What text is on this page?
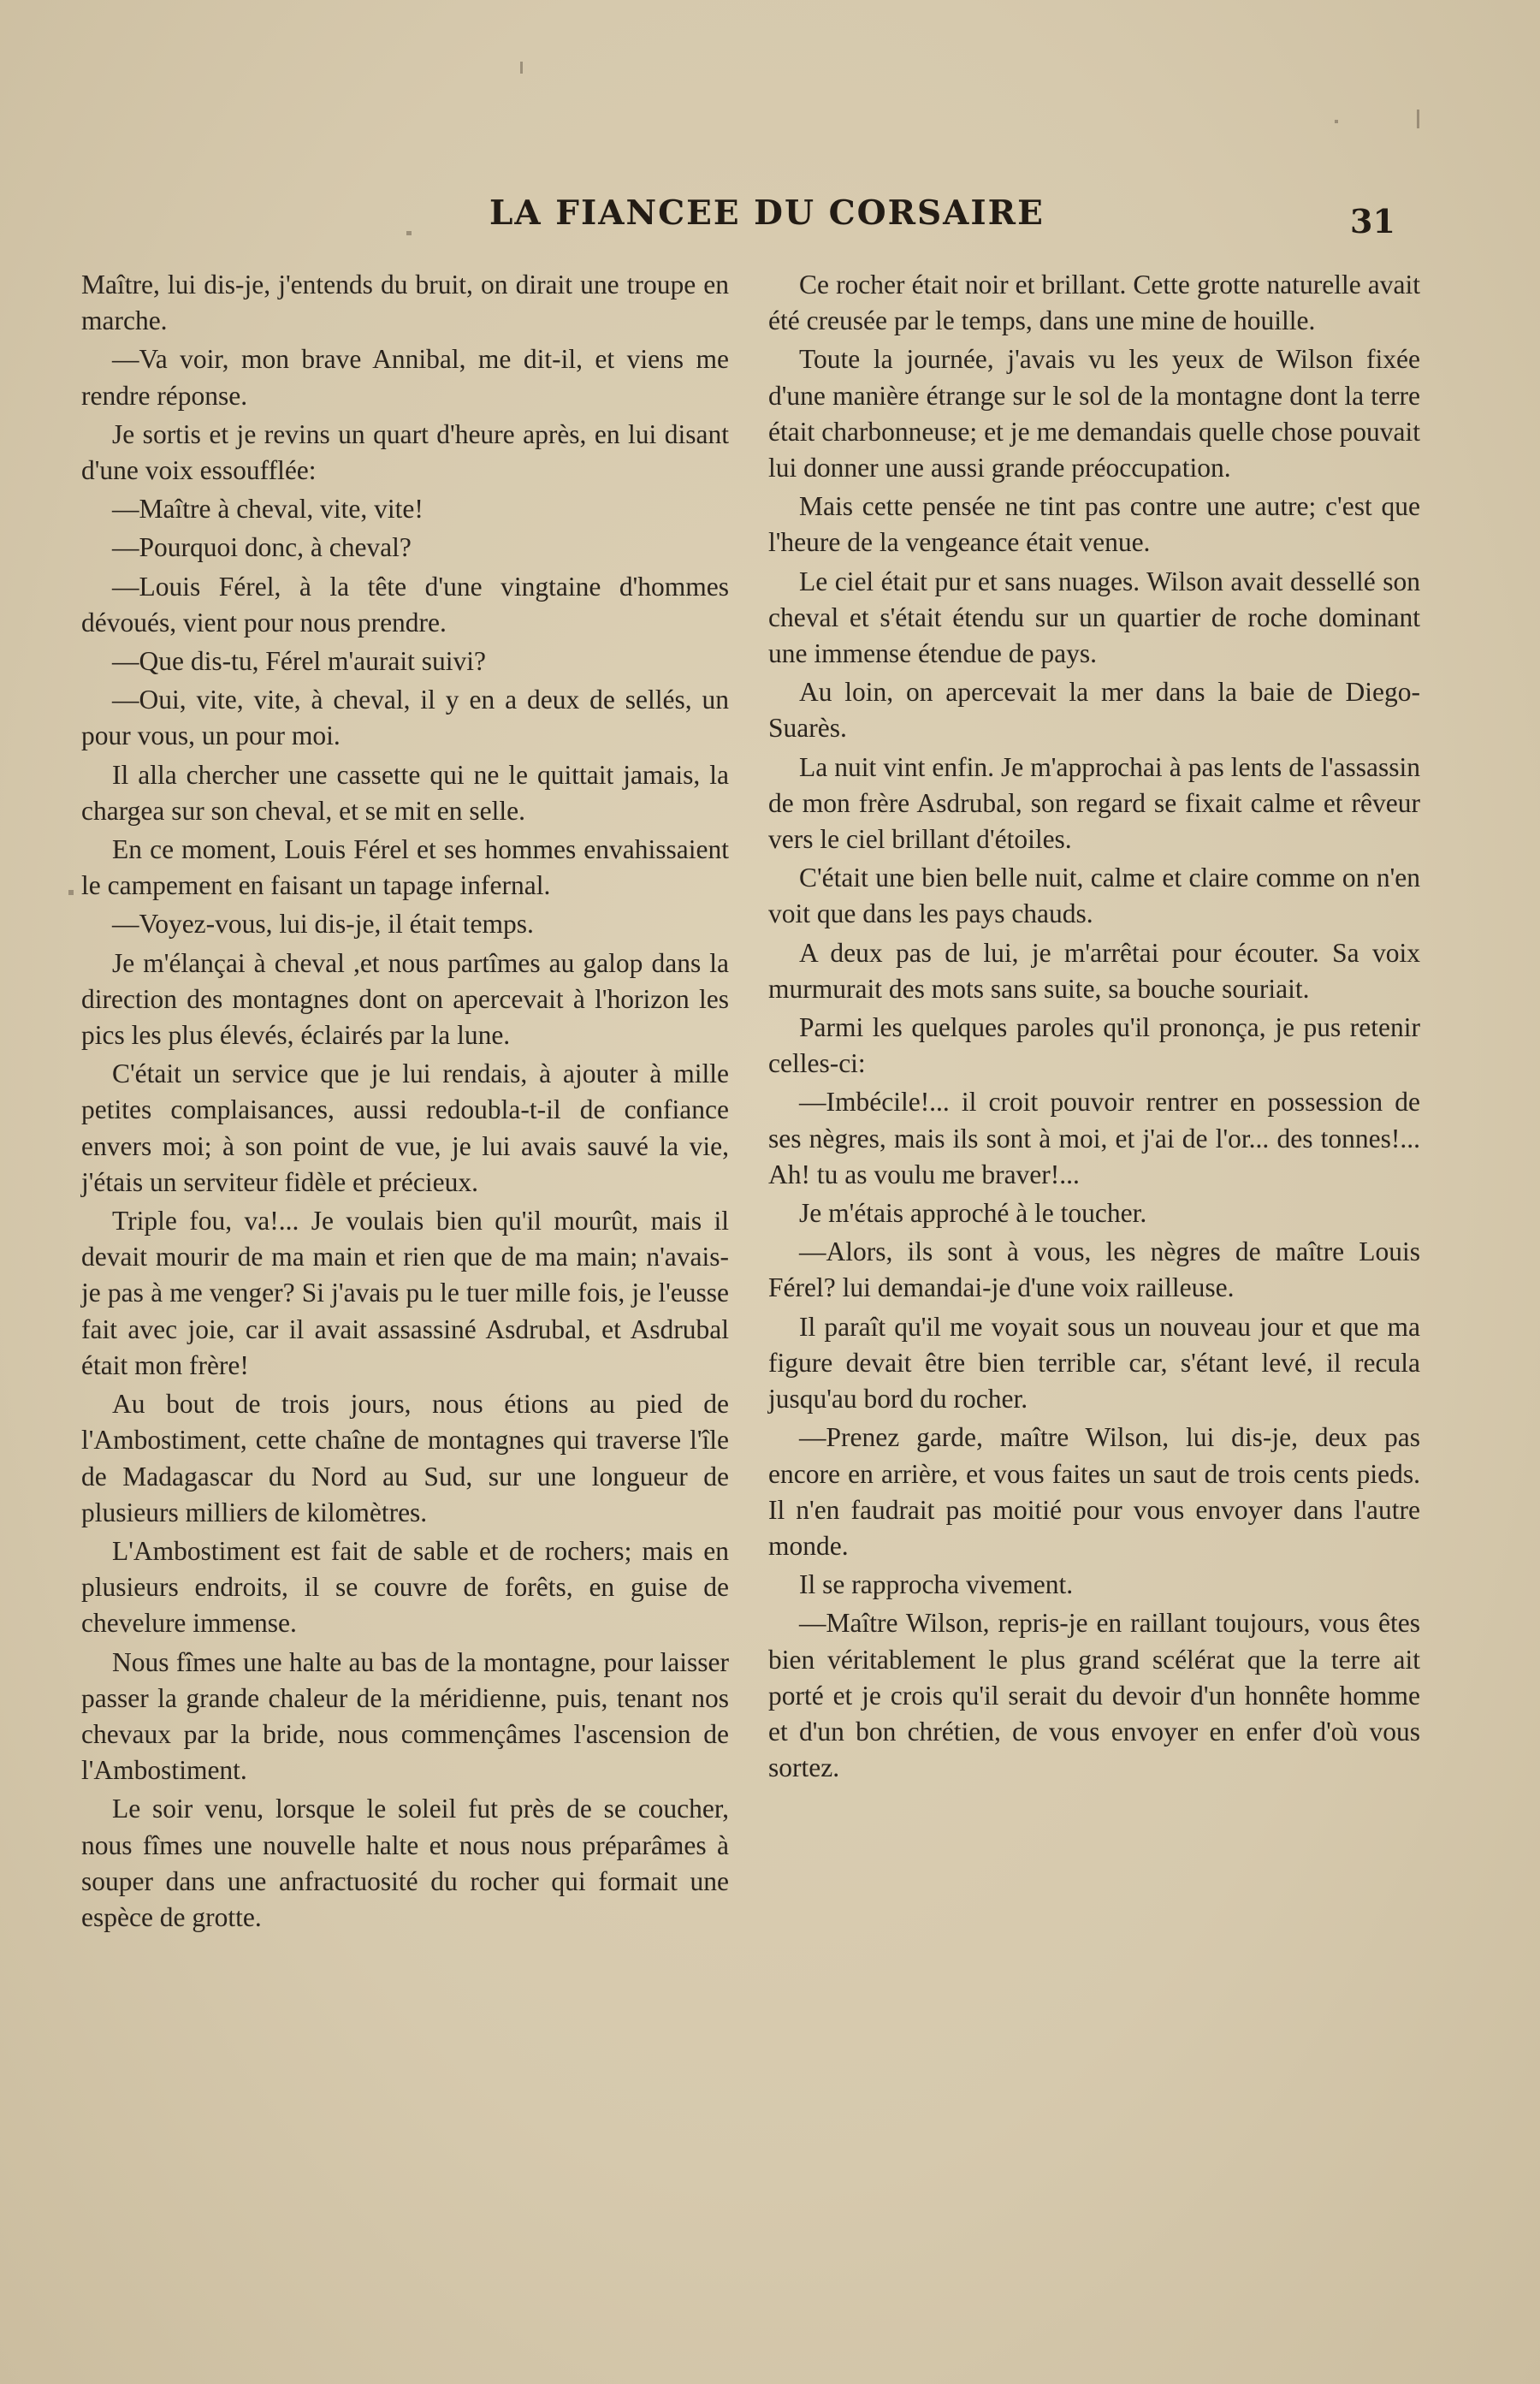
LA FIANCEE DU CORSAIRE	31

Maître, lui dis-je, j'entends du bruit, on dirait une troupe en marche.

—Va voir, mon brave Annibal, me dit-il, et viens me rendre réponse.

Je sortis et je revins un quart d'heure après, en lui disant d'une voix essoufflée:

—Maître à cheval, vite, vite!

—Pourquoi donc, à cheval?

—Louis Férel, à la tête d'une vingtaine d'hommes dévoués, vient pour nous prendre.

—Que dis-tu, Férel m'aurait suivi?

—Oui, vite, vite, à cheval, il y en a deux de sellés, un pour vous, un pour moi.

Il alla chercher une cassette qui ne le quittait jamais, la chargea sur son cheval, et se mit en selle.

En ce moment, Louis Férel et ses hommes envahissaient le campement en faisant un tapage infernal.

—Voyez-vous, lui dis-je, il était temps.

Je m'élançai à cheval ,et nous partîmes au galop dans la direction des montagnes dont on apercevait à l'horizon les pics les plus élevés, éclairés par la lune.

C'était un service que je lui rendais, à ajouter à mille petites complaisances, aussi redoubla-t-il de confiance envers moi; à son point de vue, je lui avais sauvé la vie, j'étais un serviteur fidèle et précieux.

Triple fou, va!... Je voulais bien qu'il mourût, mais il devait mourir de ma main et rien que de ma main; n'avais-je pas à me venger? Si j'avais pu le tuer mille fois, je l'eusse fait avec joie, car il avait assassiné Asdrubal, et Asdrubal était mon frère!

Au bout de trois jours, nous étions au pied de l'Ambostiment, cette chaîne de montagnes qui traverse l'île de Madagascar du Nord au Sud, sur une longueur de plusieurs milliers de kilomètres.

L'Ambostiment est fait de sable et de rochers; mais en plusieurs endroits, il se couvre de forêts, en guise de chevelure immense.

Nous fîmes une halte au bas de la montagne, pour laisser passer la grande chaleur de la méridienne, puis, tenant nos chevaux par la bride, nous commençâmes l'ascension de l'Ambostiment.

Le soir venu, lorsque le soleil fut près de se coucher, nous fîmes une nouvelle halte et nous nous préparâmes à souper dans une anfractuosité du rocher qui formait une espèce de grotte.

Ce rocher était noir et brillant. Cette grotte naturelle avait été creusée par le temps, dans une mine de houille.

Toute la journée, j'avais vu les yeux de Wilson fixée d'une manière étrange sur le sol de la montagne dont la terre était charbonneuse; et je me demandais quelle chose pouvait lui donner une aussi grande préoccupation.

Mais cette pensée ne tint pas contre une autre; c'est que l'heure de la vengeance était venue.

Le ciel était pur et sans nuages. Wilson avait dessellé son cheval et s'était étendu sur un quartier de roche dominant une immense étendue de pays.

Au loin, on apercevait la mer dans la baie de Diego-Suarès.

La nuit vint enfin. Je m'approchai à pas lents de l'assassin de mon frère Asdrubal, son regard se fixait calme et rêveur vers le ciel brillant d'étoiles.

C'était une bien belle nuit, calme et claire comme on n'en voit que dans les pays chauds.

A deux pas de lui, je m'arrêtai pour écouter. Sa voix murmurait des mots sans suite, sa bouche souriait.

Parmi les quelques paroles qu'il prononça, je pus retenir celles-ci:

—Imbécile!... il croit pouvoir rentrer en possession de ses nègres, mais ils sont à moi, et j'ai de l'or... des tonnes!... Ah! tu as voulu me braver!...

Je m'étais approché à le toucher.

—Alors, ils sont à vous, les nègres de maître Louis Férel? lui demandai-je d'une voix railleuse.

Il paraît qu'il me voyait sous un nouveau jour et que ma figure devait être bien terrible car, s'étant levé, il recula jusqu'au bord du rocher.

—Prenez garde, maître Wilson, lui dis-je, deux pas encore en arrière, et vous faites un saut de trois cents pieds. Il n'en faudrait pas moitié pour vous envoyer dans l'autre monde.

Il se rapprocha vivement.

—Maître Wilson, repris-je en raillant toujours, vous êtes bien véritablement le plus grand scélérat que la terre ait porté et je crois qu'il serait du devoir d'un honnête homme et d'un bon chrétien, de vous envoyer en enfer d'où vous sortez.
